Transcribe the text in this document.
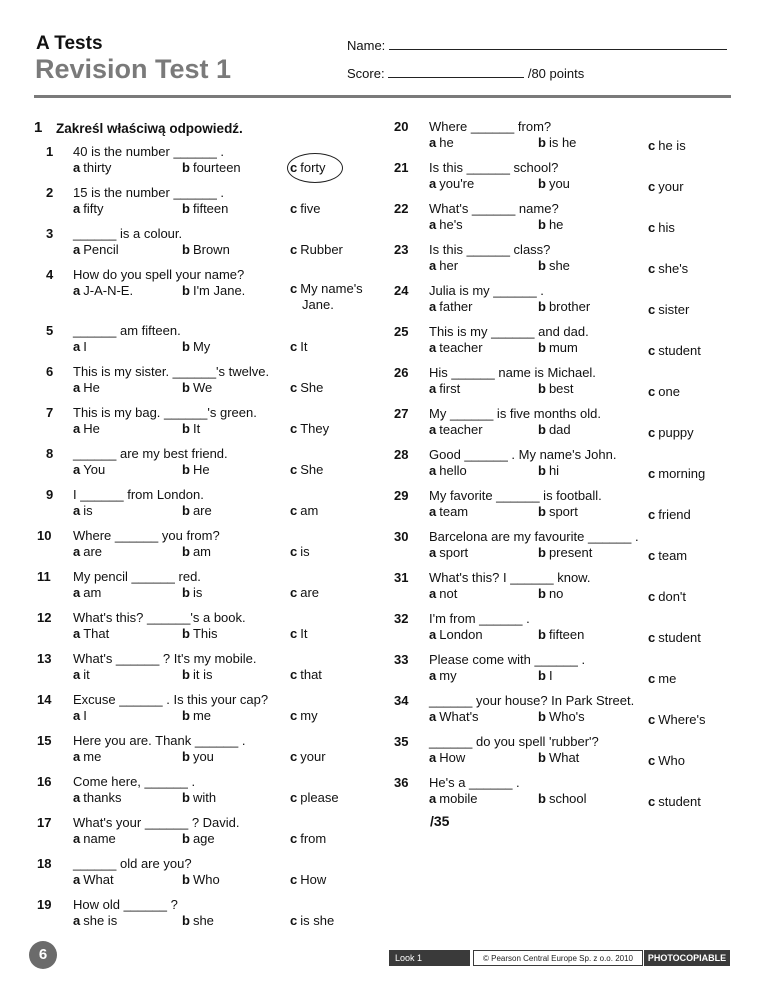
A Tests
Revision Test 1
Name:
Score:	/80 points
1 Zakreśl właściwą odpowiedź.
1 40 is the number ______ .
a thirty	b fourteen	c forty
2 15 is the number ______ .
a fifty	b fifteen	c five
3 ______ is a colour.
a Pencil	b Brown	c Rubber
4 How do you spell your name?
a J-A-N-E.	b I'm Jane.	c My name's
Jane.
5 ______ am fifteen.
a I	b My	c It
6 This is my sister. ______'s twelve.
a He	b We	c She
7 This is my bag. ______'s green.
a He	b It	c They
8 ______ are my best friend.
a You	b He	c She
9 I ______ from London.
a is	b are	c am
10 Where ______ you from?
a are	b am	c is
11 My pencil ______ red.
a am	b is	c are
12 What's this? ______'s a book.
a That	b This	c It
13 What's ______ ? It's my mobile.
a it	b it is	c that
14 Excuse ______ . Is this your cap?
a I	b me	c my
15 Here you are. Thank ______ .
a me	b you	c your
16 Come here, ______ .
a thanks	b with	c please
17 What's your ______ ? David.
a name	b age	c from
18 ______ old are you?
a What	b Who	c How
19 How old ______ ?
a she is	b she	c is she
20 Where ______ from?
a he	b is he	c he is
21 Is this ______ school?
a you're	b you	c your
22 What's ______ name?
a he's	b he	c his
23 Is this ______ class?
a her	b she	c she's
24 Julia is my ______ .
a father	b brother	c sister
25 This is my ______ and dad.
a teacher	b mum	c student
26 His ______ name is Michael.
a first	b best	c one
27 My ______ is five months old.
a teacher	b dad	c puppy
28 Good ______ . My name's John.
a hello	b hi	c morning
29 My favorite ______ is football.
a team	b sport	c friend
30 Barcelona are my favourite ______ .
a sport	b present	c team
31 What's this? I ______ know.
a not	b no	c don't
32 I'm from ______ .
a London	b fifteen	c student
33 Please come with ______ .
a my	b I	c me
34 ______ your house? In Park Street.
a What's	b Who's	c Where's
35 ______ do you spell 'rubber'?
a How	b What	c Who
36 He's a ______ .
a mobile	b school	c student
/35
6	Look 1	© Pearson Central Europe Sp. z o.o. 2010	PHOTOCOPIABLE
